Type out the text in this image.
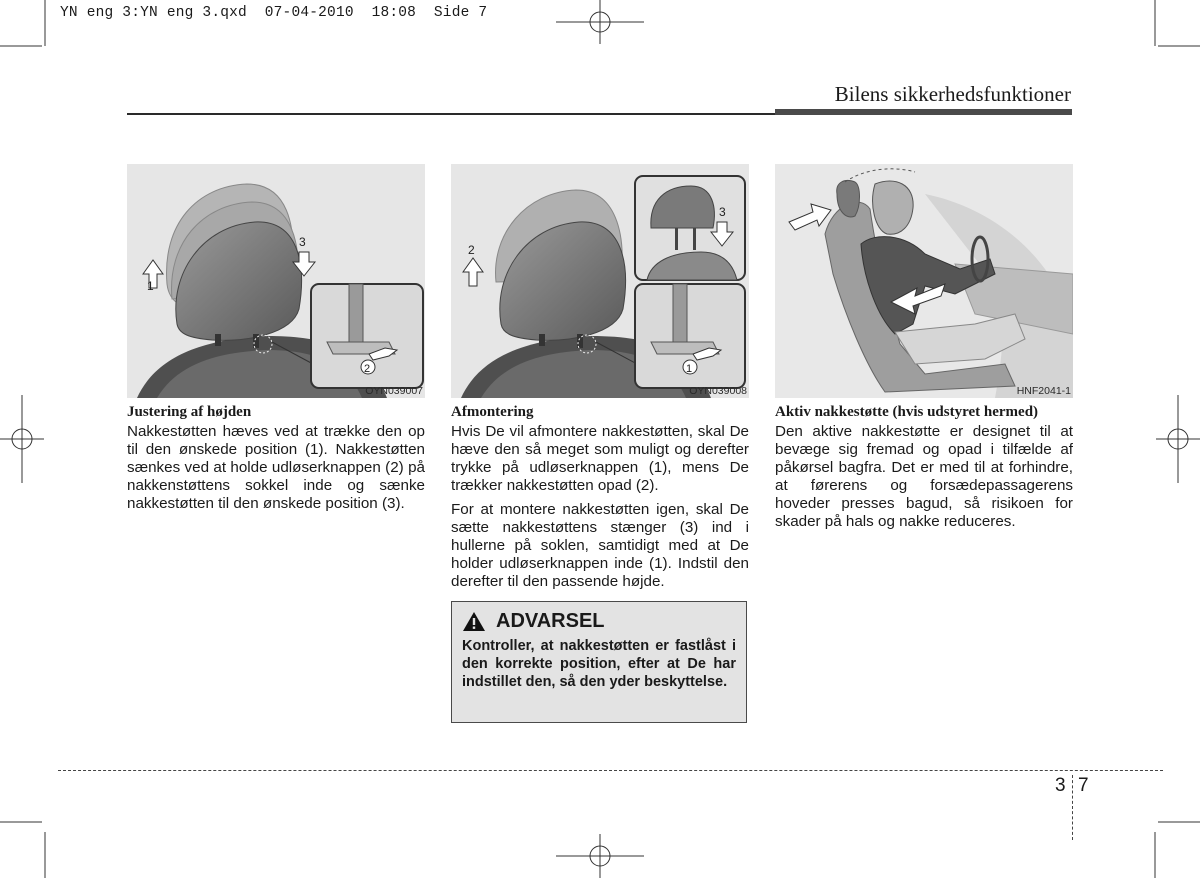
YN eng 3:YN eng 3.qxd 07-04-2010 18:08 Side 7
Bilens sikkerhedsfunktioner
1
3
2
OYN039007
2
3
1
OYN039008	HNF2041-1
Justering af højden

Nakkestøtten hæves ved at trække den op til den ønskede position (1). Nakkestøtten sænkes ved at holde udløserknappen (2) på nakkenstøttens sokkel inde og sænke nakkestøtten til den ønskede position (3).

Afmontering

Hvis De vil afmontere nakkestøtten, skal De hæve den så meget som muligt og derefter trykke på udløserknappen (1), mens De trækker nakkestøtten opad (2).

For at montere nakkestøtten igen, skal De sætte nakkestøttens stænger (3) ind i hullerne på soklen, samtidigt med at De holder udløserknappen inde (1). Indstil den derefter til den passende højde.

Aktiv nakkestøtte (hvis udstyret hermed)

Den aktive nakkestøtte er designet til at bevæge sig fremad og opad i tilfælde af påkørsel bagfra. Det er med til at forhindre, at førerens og forsædepassagerens hoveder presses bagud, så risikoen for skader på hals og nakke reduceres.

ADVARSEL

Kontroller, at nakkestøtten er fastlåst i den korrekte position, efter at De har indstillet den, så den yder beskyttelse.

3 7
